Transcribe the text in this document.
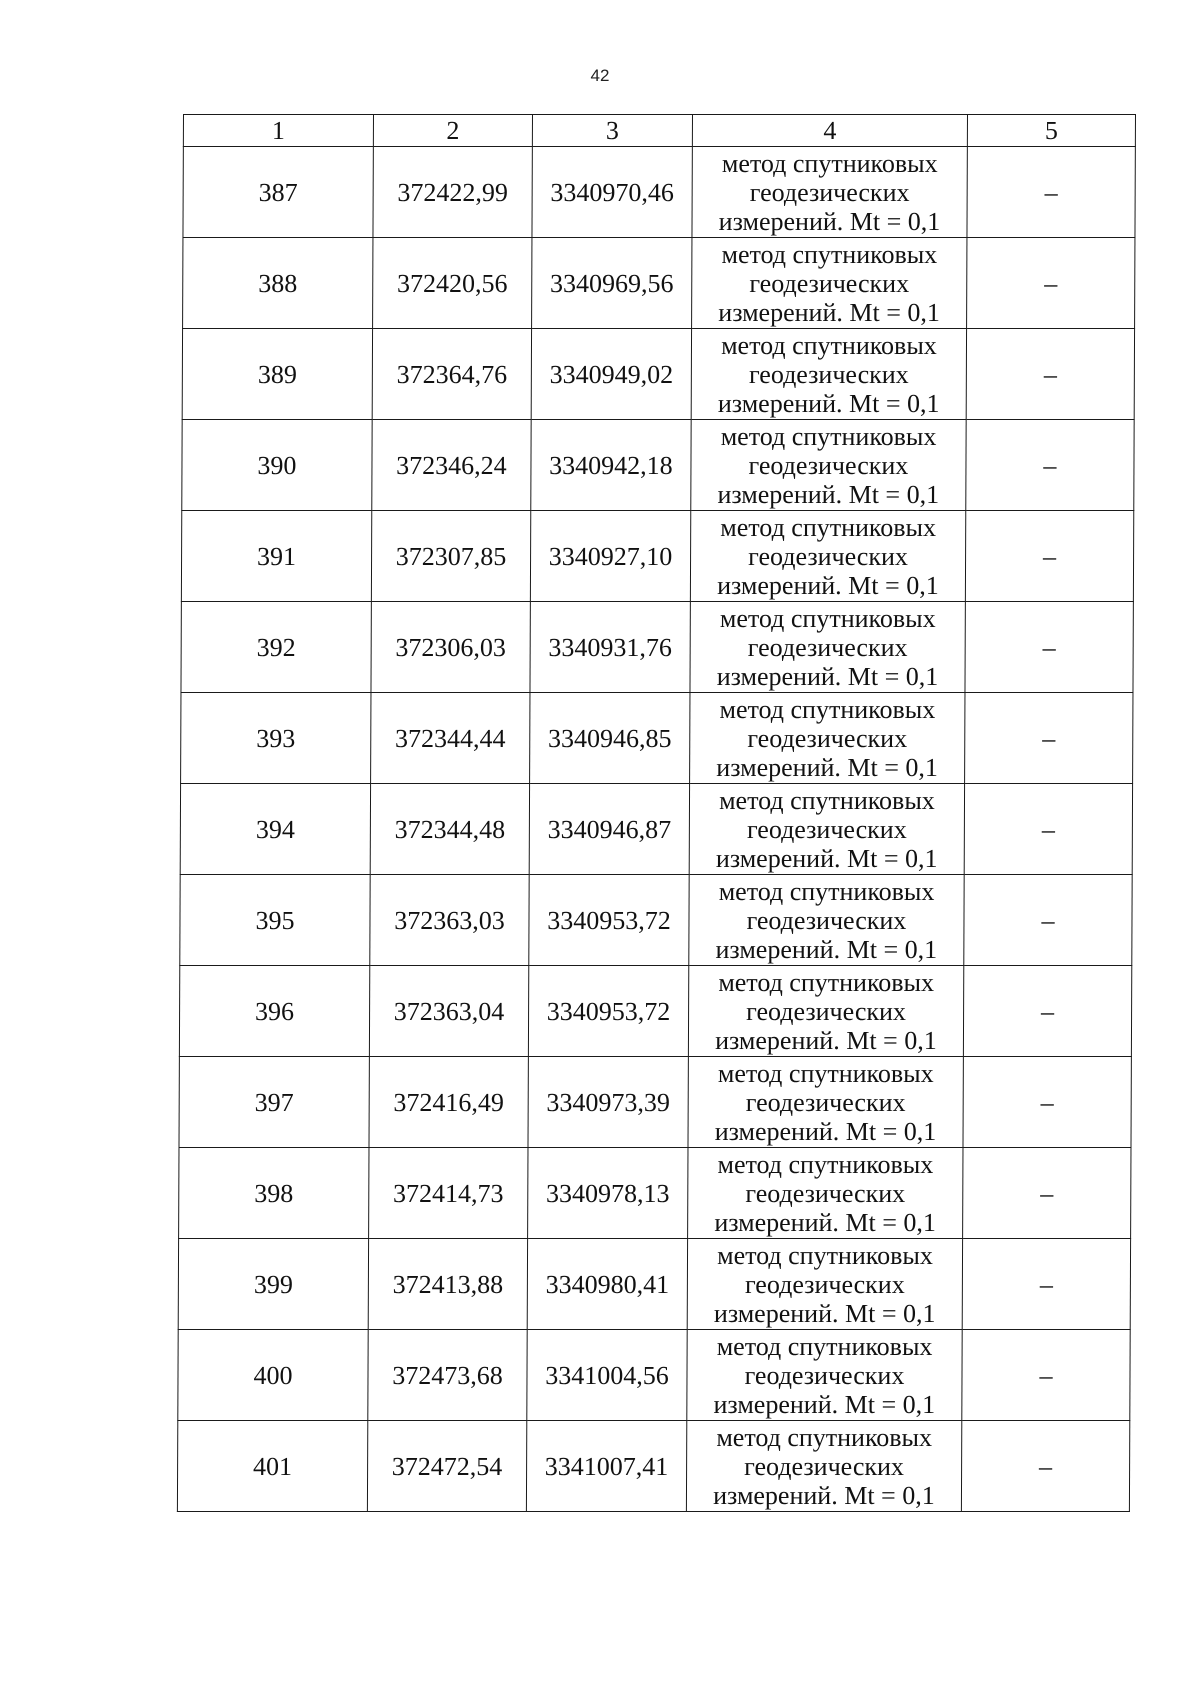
42
1	2	3	4	5
387	372422,99	3340970,46	метод спутниковых
геодезических
измерений. Mt = 0,1	–
388	372420,56	3340969,56	метод спутниковых
геодезических
измерений. Mt = 0,1	–
389	372364,76	3340949,02	метод спутниковых
геодезических
измерений. Mt = 0,1	–
390	372346,24	3340942,18	метод спутниковых
геодезических
измерений. Mt = 0,1	–
391	372307,85	3340927,10	метод спутниковых
геодезических
измерений. Mt = 0,1	–
392	372306,03	3340931,76	метод спутниковых
геодезических
измерений. Mt = 0,1	–
393	372344,44	3340946,85	метод спутниковых
геодезических
измерений. Mt = 0,1	–
394	372344,48	3340946,87	метод спутниковых
геодезических
измерений. Mt = 0,1	–
395	372363,03	3340953,72	метод спутниковых
геодезических
измерений. Mt = 0,1	–
396	372363,04	3340953,72	метод спутниковых
геодезических
измерений. Mt = 0,1	–
397	372416,49	3340973,39	метод спутниковых
геодезических
измерений. Mt = 0,1	–
398	372414,73	3340978,13	метод спутниковых
геодезических
измерений. Mt = 0,1	–
399	372413,88	3340980,41	метод спутниковых
геодезических
измерений. Mt = 0,1	–
400	372473,68	3341004,56	метод спутниковых
геодезических
измерений. Mt = 0,1	–
401	372472,54	3341007,41	метод спутниковых
геодезических
измерений. Mt = 0,1	–
